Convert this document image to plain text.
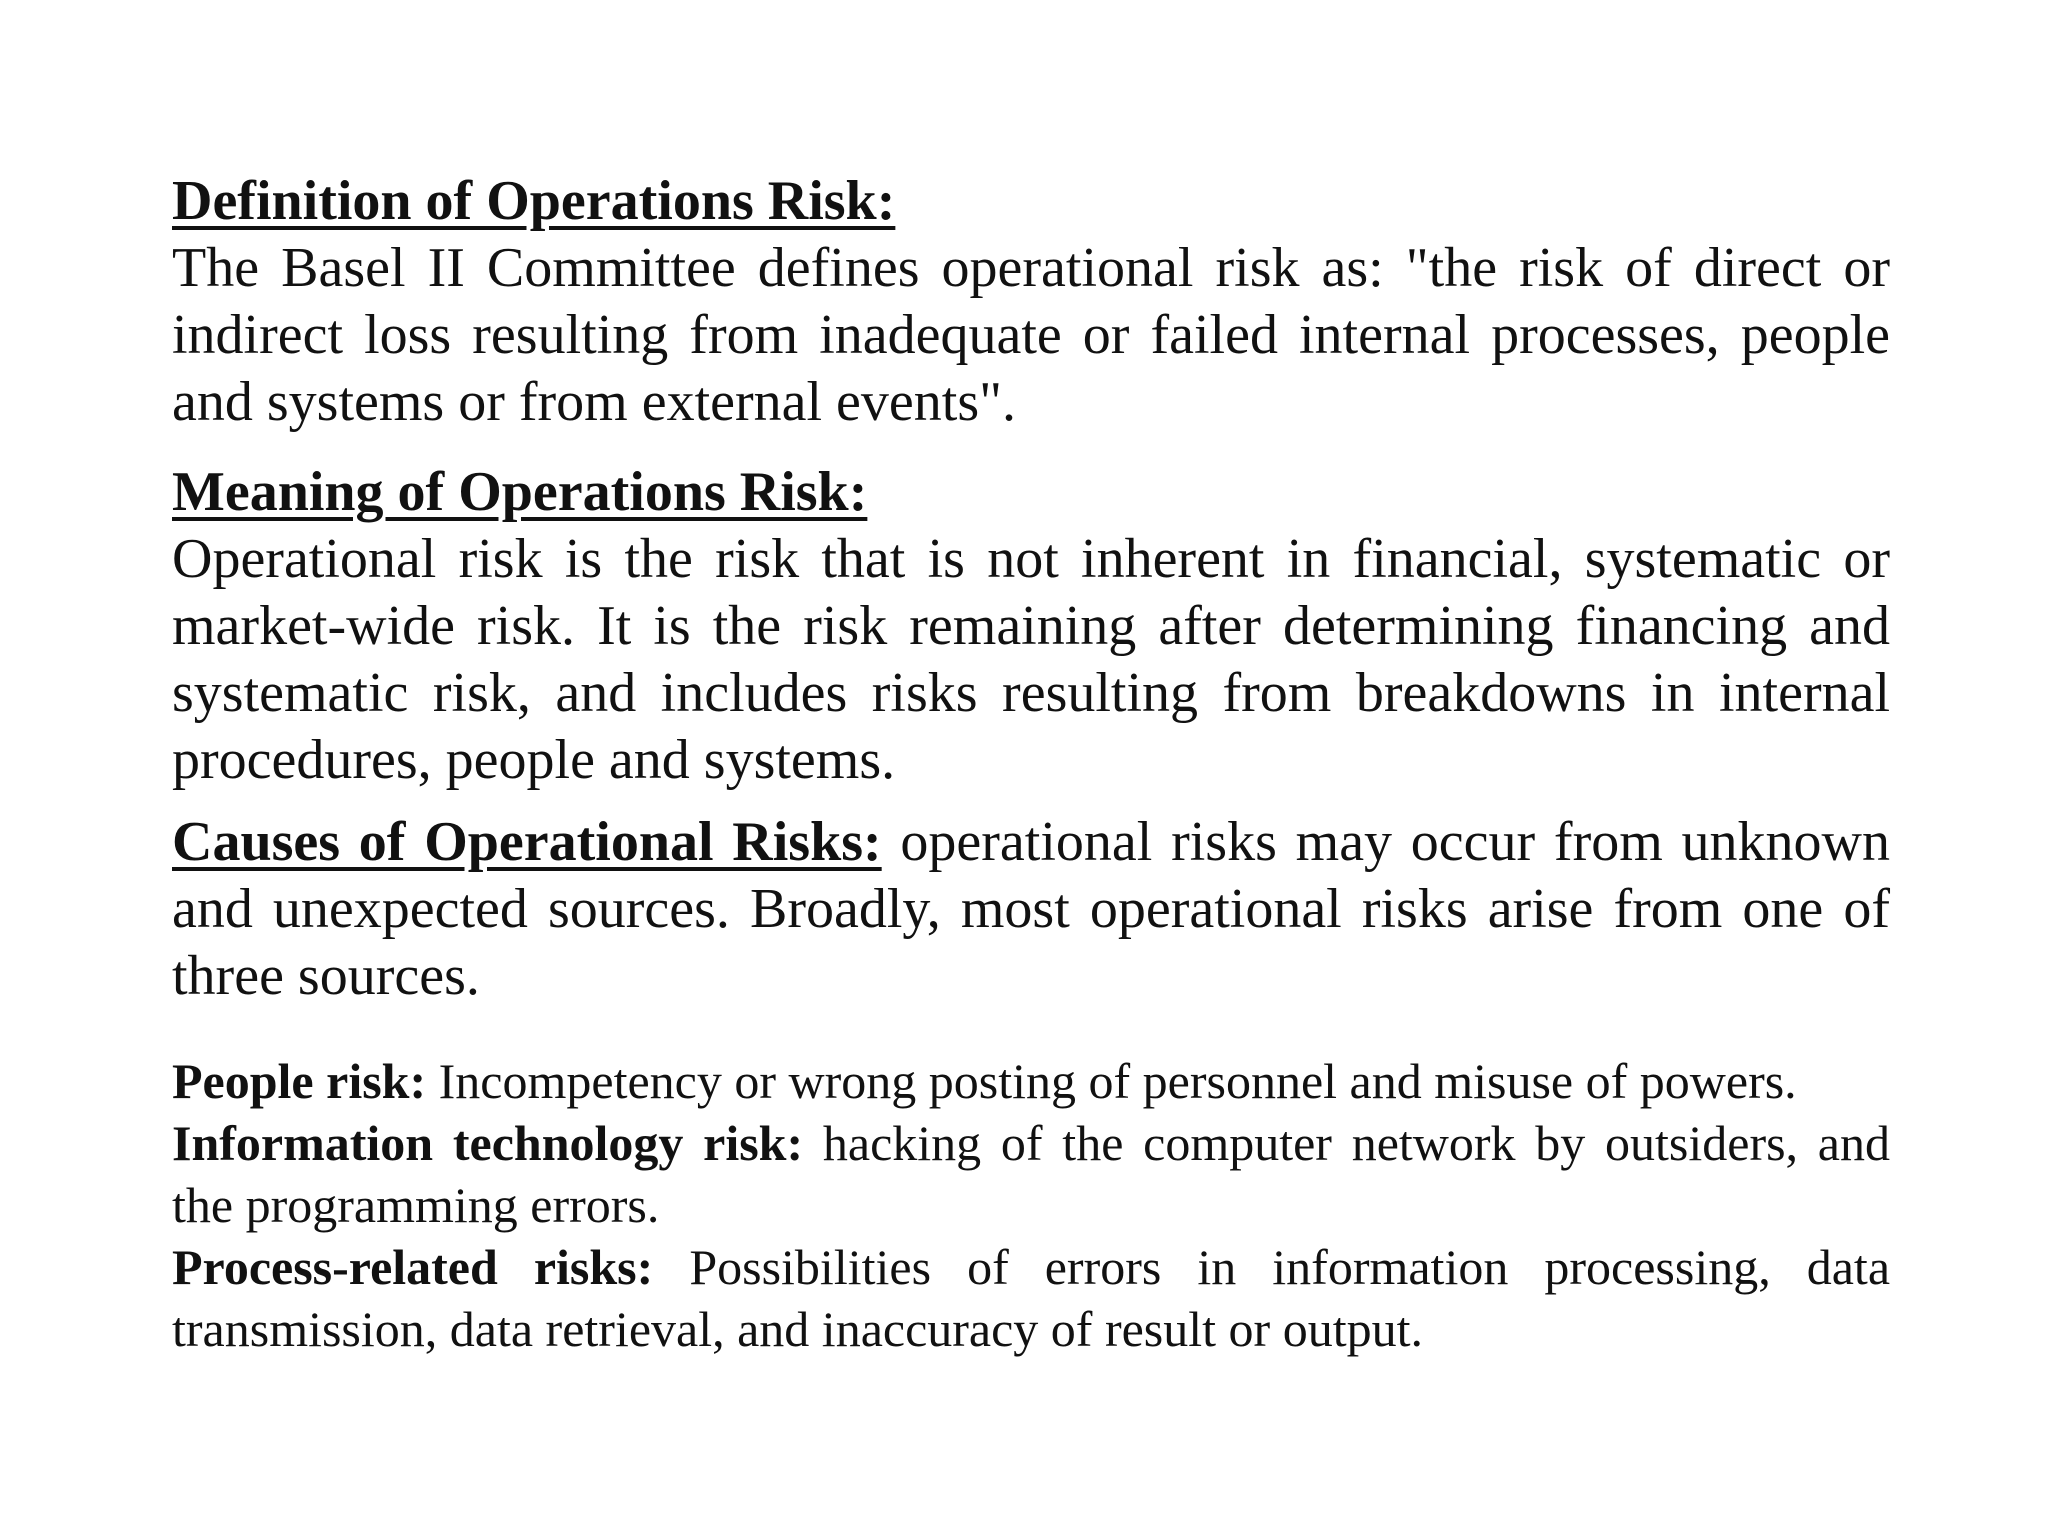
Definition of Operations Risk:

The Basel II Committee defines operational risk as: "the risk of direct or indirect loss resulting from inadequate or failed internal processes, people and systems or from external events".

Meaning of Operations Risk:

Operational risk is the risk that is not inherent in financial, systematic or market-wide risk. It is the risk remaining after determining financing and systematic risk, and includes risks resulting from breakdowns in internal procedures, people and systems.

Causes of Operational Risks: operational risks may occur from unknown and unexpected sources. Broadly, most operational risks arise from one of three sources.

People risk: Incompetency or wrong posting of personnel and misuse of powers.

Information technology risk: hacking of the computer network by outsiders, and the programming errors.

Process-related risks: Possibilities of errors in information processing, data transmission, data retrieval, and inaccuracy of result or output.
